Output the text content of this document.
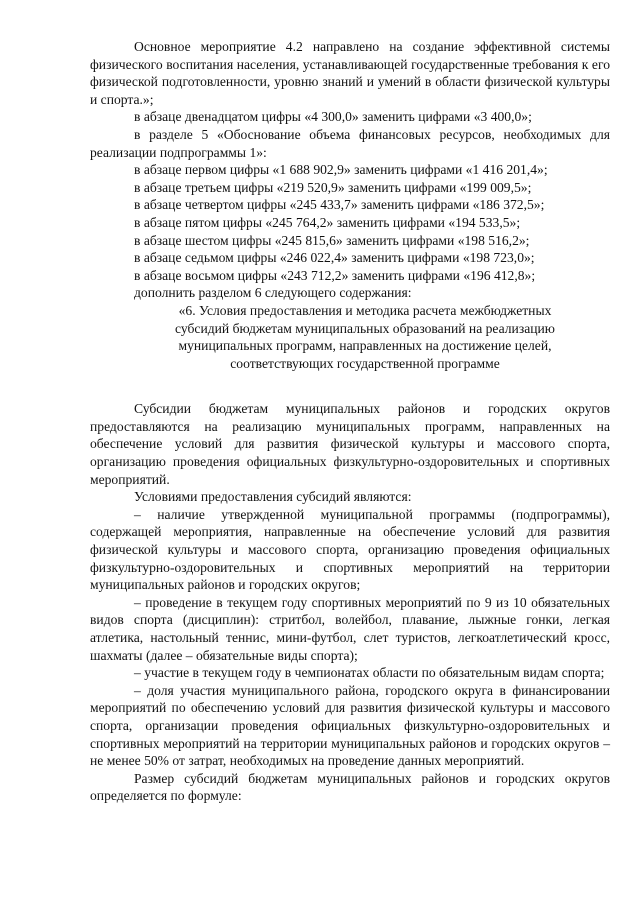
Основное мероприятие 4.2 направлено на создание эффективной системы физического воспитания населения, устанавливающей государственные требования к его физической подготовленности, уровню знаний и умений в области физической культуры и спорта.»;

в абзаце двенадцатом цифры «4 300,0» заменить цифрами «3 400,0»;

в разделе 5 «Обоснование объема финансовых ресурсов, необходимых для реализации подпрограммы 1»:

в абзаце первом цифры «1 688 902,9» заменить цифрами «1 416 201,4»;

в абзаце третьем цифры «219 520,9» заменить цифрами «199 009,5»;

в абзаце четвертом цифры «245 433,7» заменить цифрами «186 372,5»;

в абзаце пятом цифры «245 764,2» заменить цифрами «194 533,5»;

в абзаце шестом цифры «245 815,6» заменить цифрами «198 516,2»;

в абзаце седьмом цифры «246 022,4» заменить цифрами «198 723,0»;

в абзаце восьмом цифры «243 712,2» заменить цифрами «196 412,8»;

дополнить разделом 6 следующего содержания:

«6. Условия предоставления и методика расчета межбюджетных
субсидий бюджетам муниципальных образований на реализацию
муниципальных программ, направленных на достижение целей,
соответствующих государственной программе

Субсидии бюджетам муниципальных районов и городских округов предоставляются на реализацию муниципальных программ, направленных на обеспечение условий для развития физической культуры и массового спорта, организацию проведения официальных физкультурно-оздоровительных и спортивных мероприятий.

Условиями предоставления субсидий являются:

– наличие утвержденной муниципальной программы (подпрограммы), содержащей мероприятия, направленные на обеспечение условий для развития физической культуры и массового спорта, организацию проведения официальных физкультурно-оздоровительных и спортивных мероприятий на территории муниципальных районов и городских округов;

– проведение в текущем году спортивных мероприятий по 9 из 10 обязательных видов спорта (дисциплин): стритбол, волейбол, плавание, лыжные гонки, легкая атлетика, настольный теннис, мини-футбол, слет туристов, легкоатлетический кросс, шахматы (далее – обязательные виды спорта);

– участие в текущем году в чемпионатах области по обязательным видам спорта;

– доля участия муниципального района, городского округа в финансировании мероприятий по обеспечению условий для развития физической культуры и массового спорта, организации проведения официальных физкультурно-оздоровительных и спортивных мероприятий на территории муниципальных районов и городских округов – не менее 50% от затрат, необходимых на проведение данных мероприятий.

Размер субсидий бюджетам муниципальных районов и городских округов определяется по формуле:
